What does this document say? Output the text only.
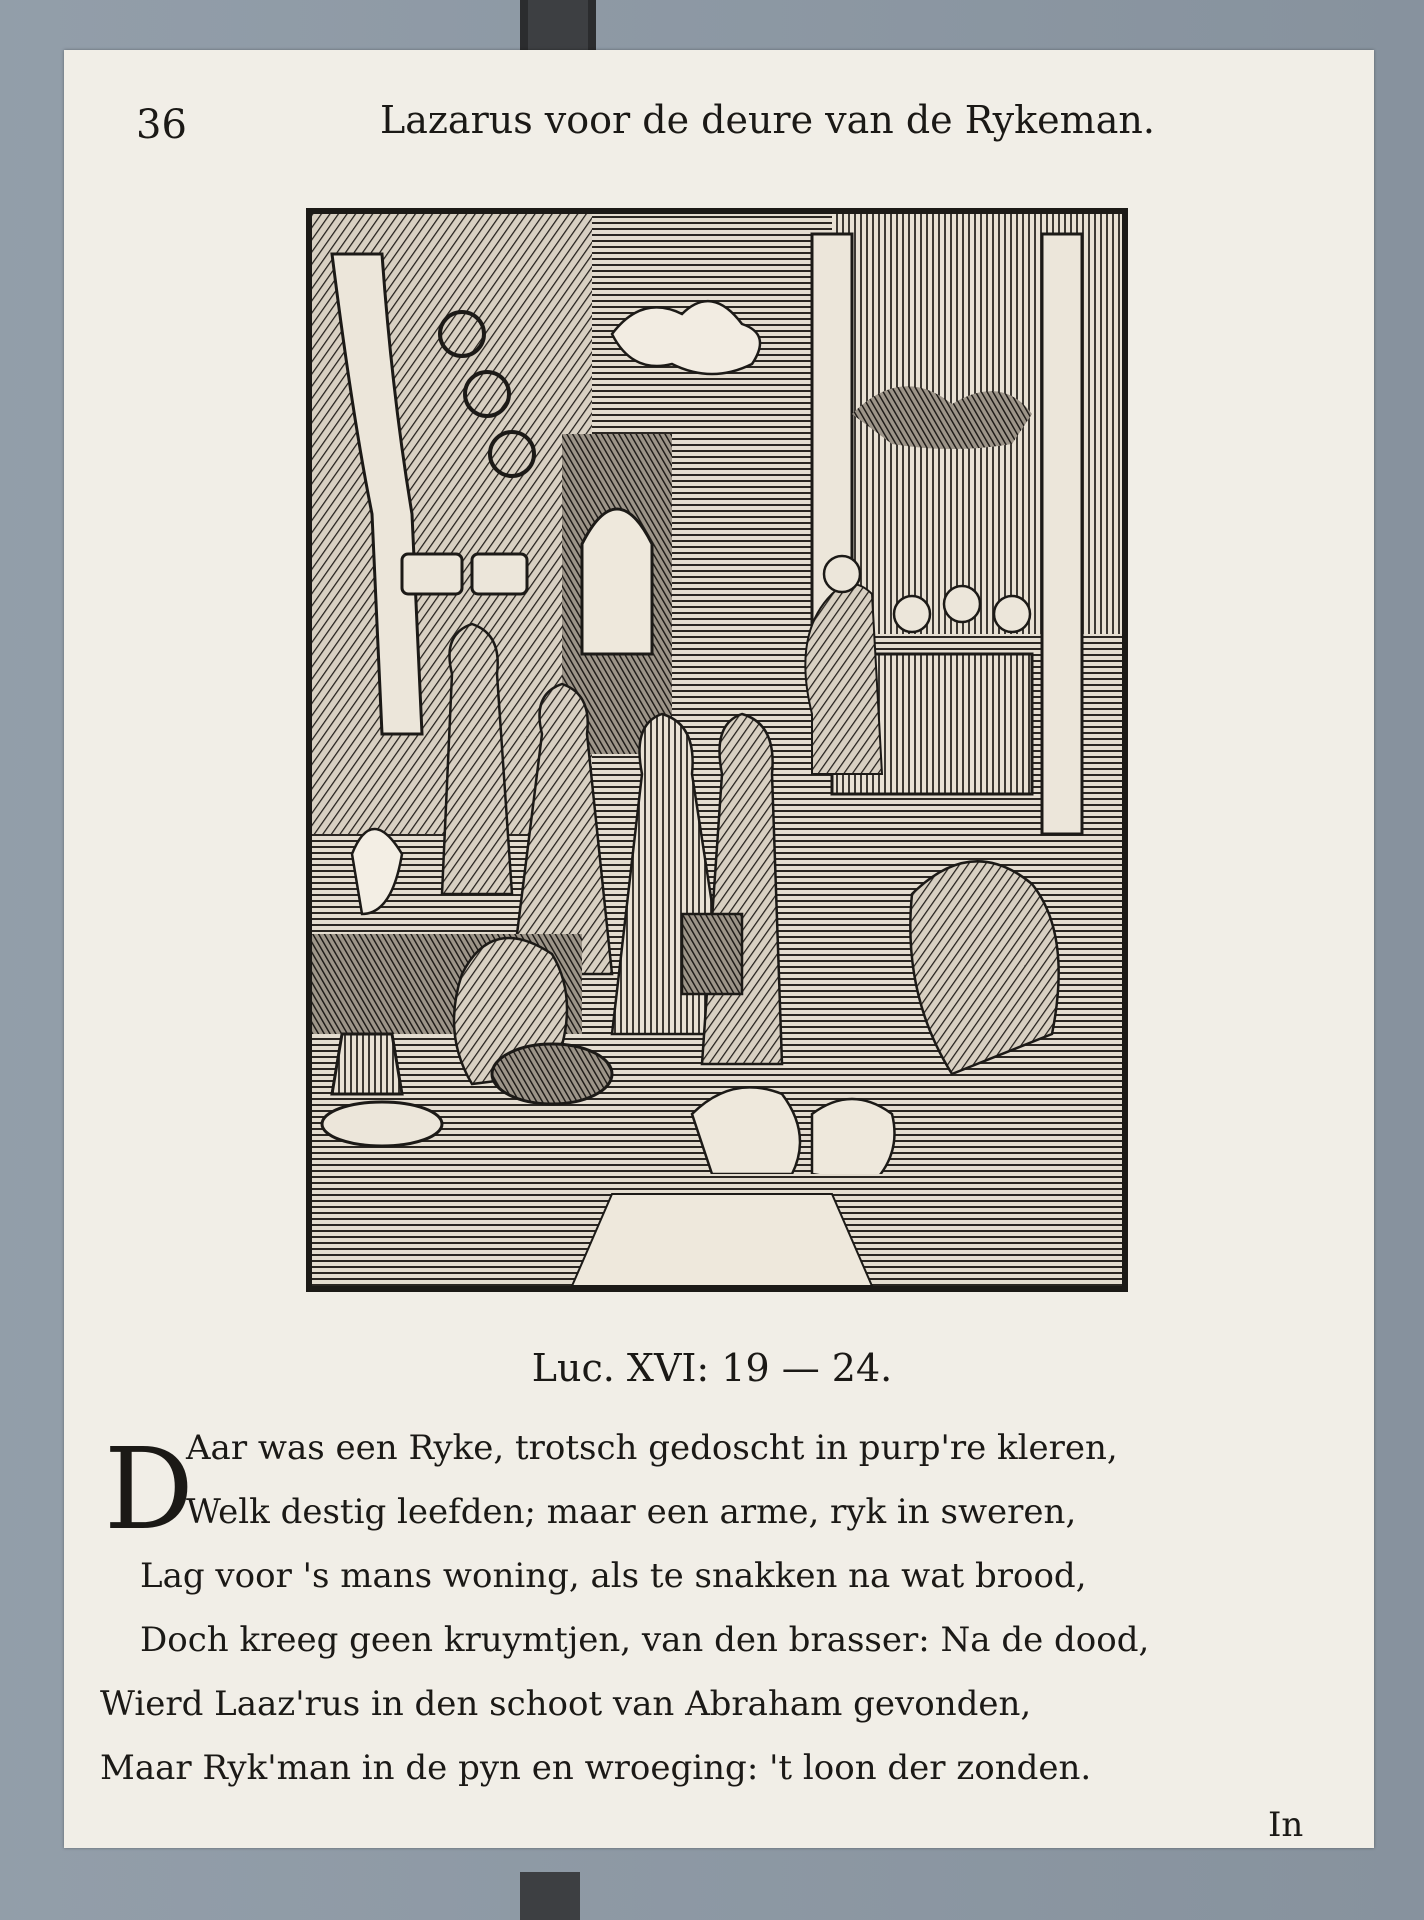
36	Lazarus voor de deure van de Rykeman.
Luc. XVI: 19 — 24.
D
Aar was een Ryke, trotsch gedoscht in purp're kleren,
Welk destig leefden; maar een arme, ryk in sweren,
Lag voor 's mans woning, als te snakken na wat brood,
Doch kreeg geen kruymtjen, van den brasser: Na de dood,
Wierd Laaz'rus in den schoot van Abraham gevonden,
Maar Ryk'man in de pyn en wroeging: 't loon der zonden.
In
